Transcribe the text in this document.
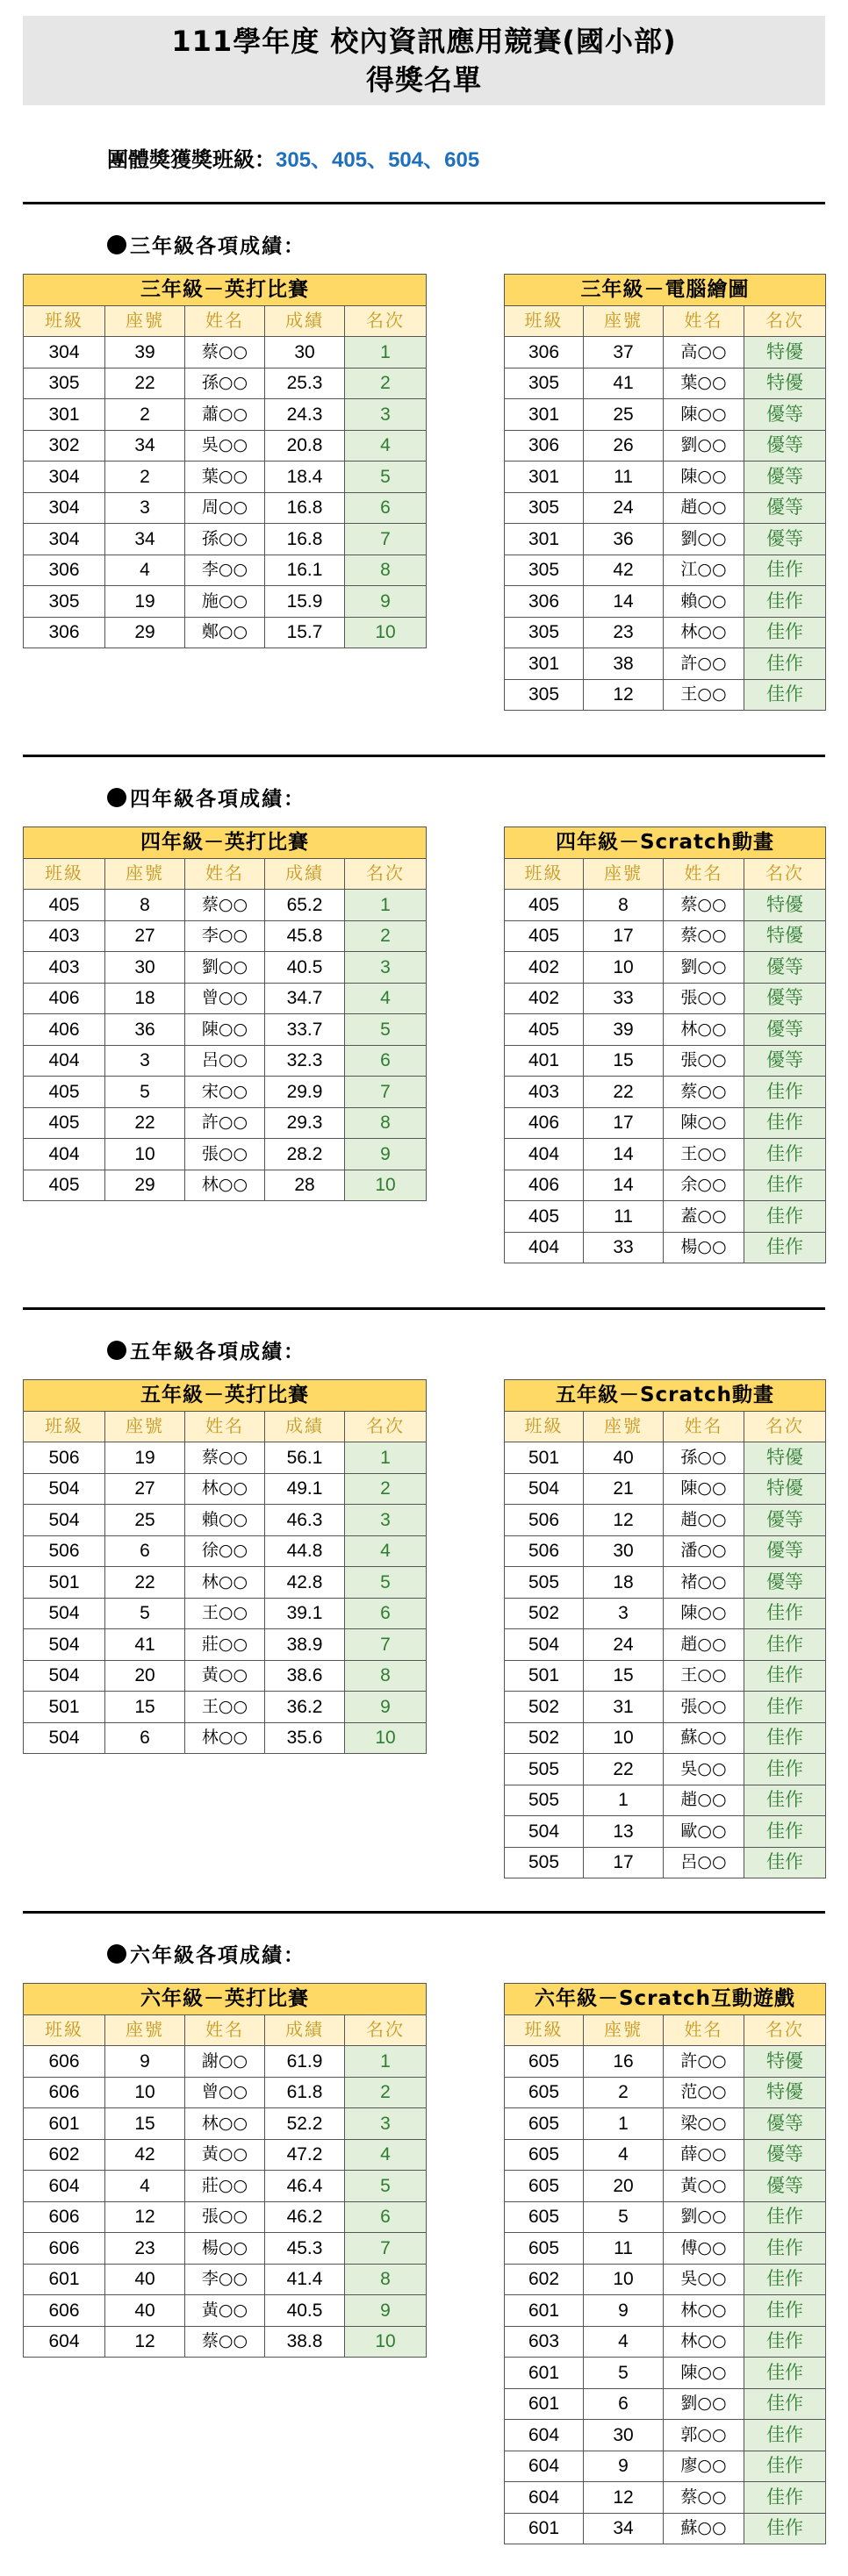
111學年度 校內資訊應用競賽(國小部)
得獎名單
團體獎獲獎班級：305、405、504、605
三年級各項成績：
三年級－英打比賽				
班級	座號	姓名	成績	名次
304	39	蔡○○	30	1
305	22	孫○○	25.3	2
301	2	蕭○○	24.3	3
302	34	吳○○	20.8	4
304	2	葉○○	18.4	5
304	3	周○○	16.8	6
304	34	孫○○	16.8	7
306	4	李○○	16.1	8
305	19	施○○	15.9	9
306	29	鄭○○	15.7	10
三年級－電腦繪圖			
班級	座號	姓名	名次
306	37	高○○	特優
305	41	葉○○	特優
301	25	陳○○	優等
306	26	劉○○	優等
301	11	陳○○	優等
305	24	趙○○	優等
301	36	劉○○	優等
305	42	江○○	佳作
306	14	賴○○	佳作
305	23	林○○	佳作
301	38	許○○	佳作
305	12	王○○	佳作
四年級各項成績：
四年級－英打比賽				
班級	座號	姓名	成績	名次
405	8	蔡○○	65.2	1
403	27	李○○	45.8	2
403	30	劉○○	40.5	3
406	18	曾○○	34.7	4
406	36	陳○○	33.7	5
404	3	呂○○	32.3	6
405	5	宋○○	29.9	7
405	22	許○○	29.3	8
404	10	張○○	28.2	9
405	29	林○○	28	10
四年級－Scratch動畫			
班級	座號	姓名	名次
405	8	蔡○○	特優
405	17	蔡○○	特優
402	10	劉○○	優等
402	33	張○○	優等
405	39	林○○	優等
401	15	張○○	優等
403	22	蔡○○	佳作
406	17	陳○○	佳作
404	14	王○○	佳作
406	14	余○○	佳作
405	11	蓋○○	佳作
404	33	楊○○	佳作
五年級各項成績：
五年級－英打比賽				
班級	座號	姓名	成績	名次
506	19	蔡○○	56.1	1
504	27	林○○	49.1	2
504	25	賴○○	46.3	3
506	6	徐○○	44.8	4
501	22	林○○	42.8	5
504	5	王○○	39.1	6
504	41	莊○○	38.9	7
504	20	黃○○	38.6	8
501	15	王○○	36.2	9
504	6	林○○	35.6	10
五年級－Scratch動畫			
班級	座號	姓名	名次
501	40	孫○○	特優
504	21	陳○○	特優
506	12	趙○○	優等
506	30	潘○○	優等
505	18	褚○○	優等
502	3	陳○○	佳作
504	24	趙○○	佳作
501	15	王○○	佳作
502	31	張○○	佳作
502	10	蘇○○	佳作
505	22	吳○○	佳作
505	1	趙○○	佳作
504	13	歐○○	佳作
505	17	呂○○	佳作
六年級各項成績：
六年級－英打比賽				
班級	座號	姓名	成績	名次
606	9	謝○○	61.9	1
606	10	曾○○	61.8	2
601	15	林○○	52.2	3
602	42	黃○○	47.2	4
604	4	莊○○	46.4	5
606	12	張○○	46.2	6
606	23	楊○○	45.3	7
601	40	李○○	41.4	8
606	40	黃○○	40.5	9
604	12	蔡○○	38.8	10
六年級－Scratch互動遊戲			
班級	座號	姓名	名次
605	16	許○○	特優
605	2	范○○	特優
605	1	梁○○	優等
605	4	薛○○	優等
605	20	黃○○	優等
605	5	劉○○	佳作
605	11	傅○○	佳作
602	10	吳○○	佳作
601	9	林○○	佳作
603	4	林○○	佳作
601	5	陳○○	佳作
601	6	劉○○	佳作
604	30	郭○○	佳作
604	9	廖○○	佳作
604	12	蔡○○	佳作
601	34	蘇○○	佳作
